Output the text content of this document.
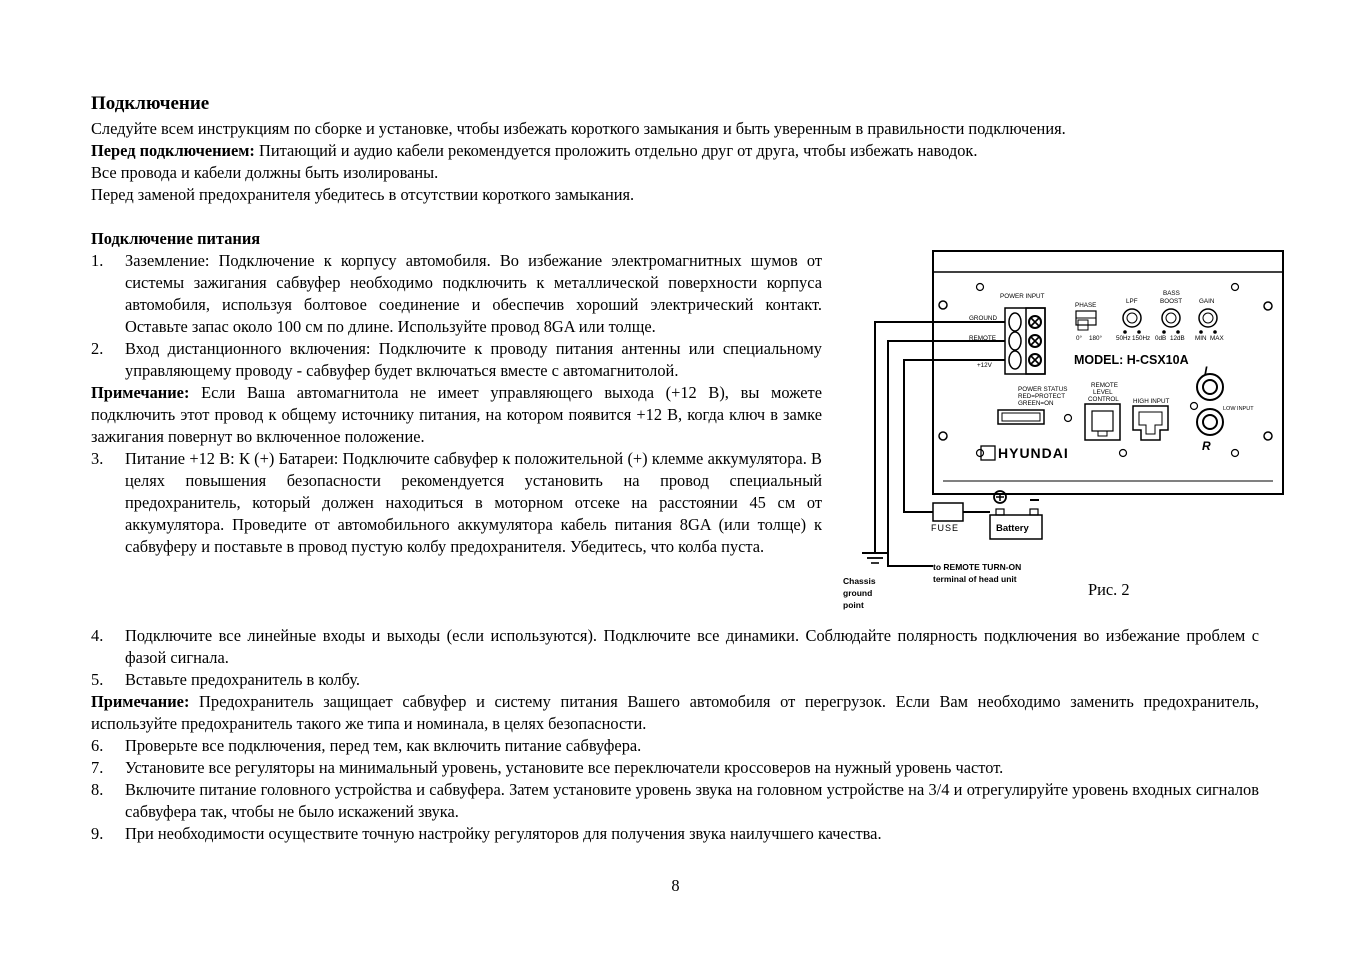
Подключение

Следуйте всем инструкциям по сборке и установке, чтобы избежать короткого замыкания и быть уверенным в правильности подключения.

Перед подключением: Питающий и аудио кабели рекомендуется проложить отдельно друг от друга, чтобы избежать наводок.

Все провода и кабели должны быть изолированы.

Перед заменой предохранителя убедитесь в отсутствии короткого замыкания.

Подключение питания
1.	Заземление: Подключение к корпусу автомобиля. Во избежание электромагнитных шумов от системы зажигания сабвуфер необходимо подключить к металлической поверхности корпуса автомобиля, используя болтовое соединение и обеспечив хороший электрический контакт. Оставьте запас около 100 см по длине. Используйте провод 8GA или толще.
2.	Вход дистанционного включения: Подключите к проводу питания антенны или специальному управляющему проводу - сабвуфер будет включаться вместе с автомагнитолой.

Примечание: Если Ваша автомагнитола не имеет управляющего выхода (+12 В), вы можете подключить этот провод к общему источнику питания, на котором появится +12 В, когда ключ в замке зажигания повернут во включенное положение.

3.	Питание +12 В: К (+) Батареи: Подключите сабвуфер к положительной (+) клемме аккумулятора. В целях повышения безопасности рекомендуется установить на провод специальный предохранитель, который должен находиться в моторном отсеке на расстоянии 45 см от аккумулятора. Проведите от автомобильного аккумулятора кабель питания 8GA (или толще) к сабвуферу и поставьте в провод пустую колбу предохранителя. Убедитесь, что колба пуста.
4.	Подключите все линейные входы и выходы (если используются). Подключите все динамики. Соблюдайте полярность подключения во избежание проблем с фазой сигнала.
5.	Вставьте предохранитель в колбу.

Примечание: Предохранитель защищает сабвуфер и систему питания Вашего автомобиля от перегрузок. Если Вам необходимо заменить предохранитель, используйте предохранитель такого же типа и номинала, в целях безопасности.

6.	Проверьте все подключения, перед тем, как включить питание сабвуфера.
7.	Установите все регуляторы на минимальный уровень, установите все переключатели кроссоверов на нужный уровень частот.
8.	Включите питание головного устройства и сабвуфера. Затем установите уровень звука на головном устройстве на 3/4 и отрегулируйте уровень входных сигналов сабвуфера так, чтобы не было искажений звука.
9.	При необходимости осуществите точную настройку регуляторов для получения звука наилучшего качества.
POWER INPUT
GROUND
REMOTE
+12V
PHASE
0° 180°
LPF
50Hz 150Hz
BASS
BOOST
0dB 12dB
GAIN
MIN MAX
POWER STATUS
RED=PROTECT
GREEN=ON
REMOTE
LEVEL
CONTROL HIGH INPUT
LOW INPUT
MODEL: H-CSX10A
L
R
HYUNDAI
FUSE	Battery
to REMOTE TURN-ON
terminal of head unit
Chassis
ground
point
Рис. 2
8
